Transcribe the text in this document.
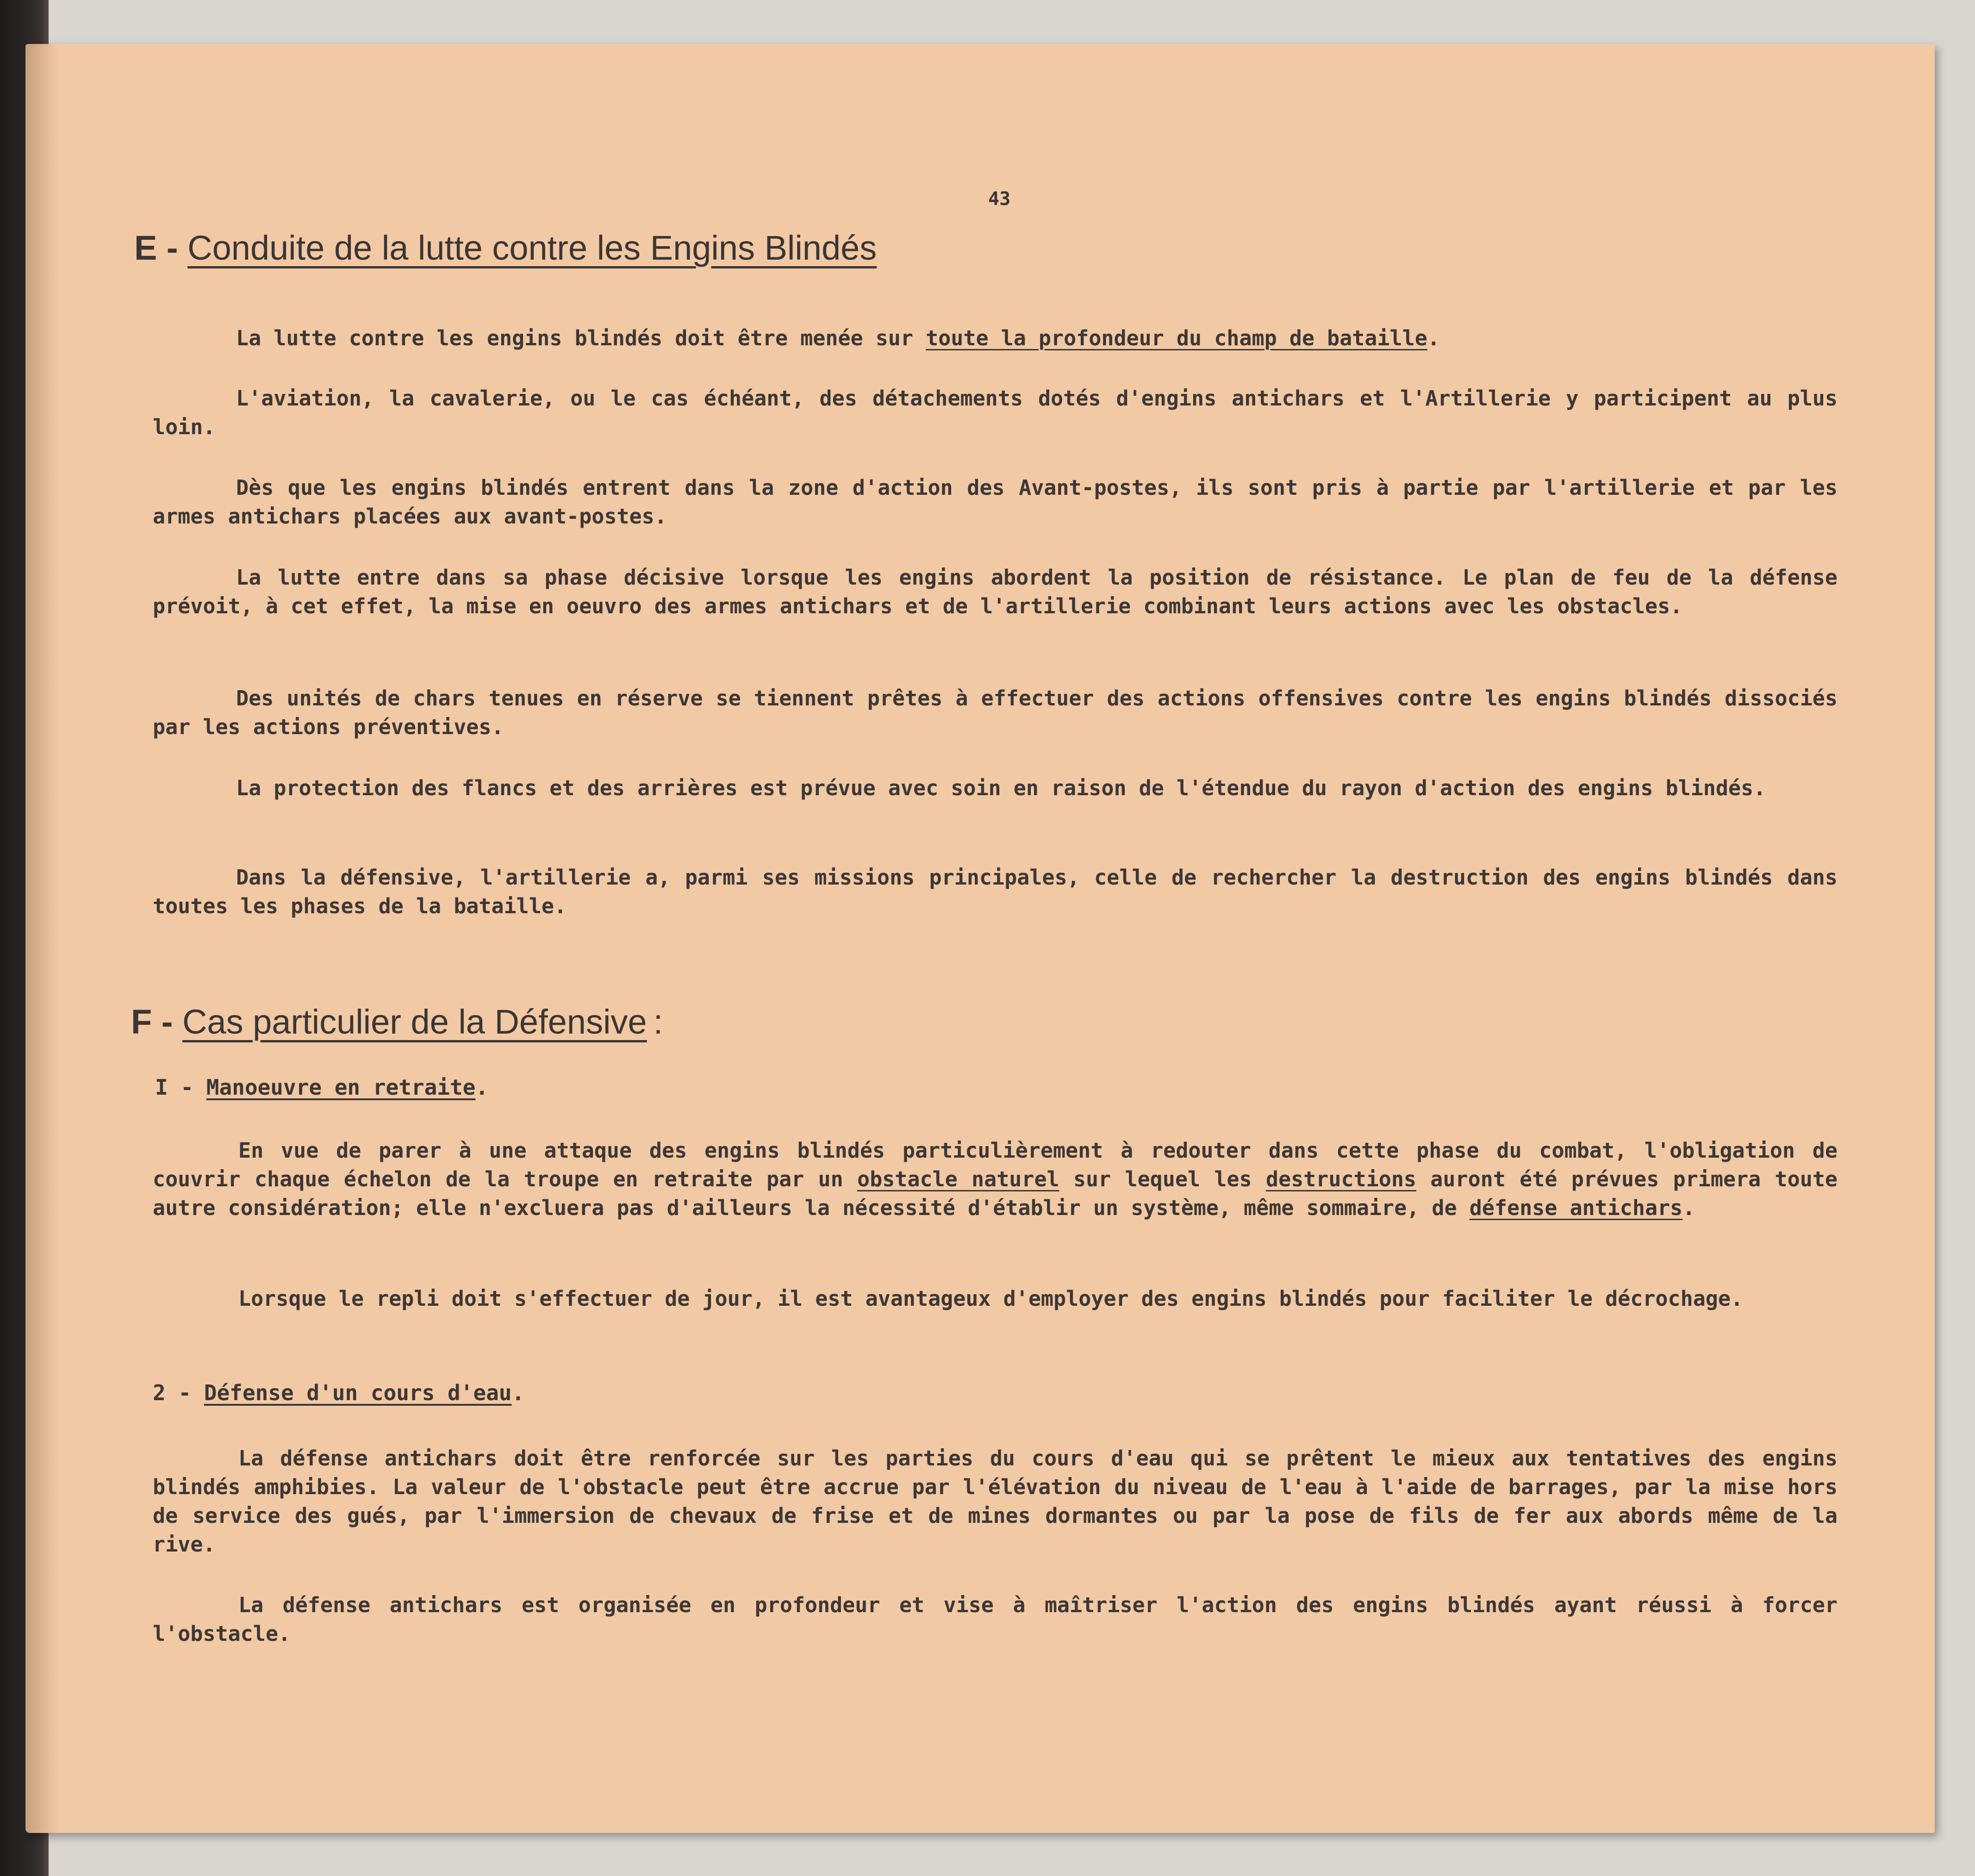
43
E - Conduite de la lutte contre les Engins Blindés
La lutte contre les engins blindés doit être menée sur toute la profondeur du champ de bataille.
L'aviation, la cavalerie, ou le cas échéant, des détachements dotés d'engins antichars et l'Artillerie y participent au plus loin.
Dès que les engins blindés entrent dans la zone d'action des Avant-postes, ils sont pris à partie par l'artillerie et par les armes antichars placées aux avant-postes.
La lutte entre dans sa phase décisive lorsque les engins abordent la position de résistance. Le plan de feu de la défense prévoit, à cet effet, la mise en oeuvro des armes antichars et de l'artillerie combinant leurs actions avec les obstacles.
Des unités de chars tenues en réserve se tiennent prêtes à effectuer des actions offensives contre les engins blindés dissociés par les actions préventives.
La protection des flancs et des arrières est prévue avec soin en raison de l'étendue du rayon d'action des engins blindés.
Dans la défensive, l'artillerie a, parmi ses missions principales, celle de rechercher la destruction des engins blindés dans toutes les phases de la bataille.
F - Cas particulier de la Défensive :
I - Manoeuvre en retraite.
En vue de parer à une attaque des engins blindés particulièrement à redouter dans cette phase du combat, l'obligation de couvrir chaque échelon de la troupe en retraite par un obstacle naturel sur lequel les destructions auront été prévues primera toute autre considération; elle n'excluera pas d'ailleurs la nécessité d'établir un système, même sommaire, de défense antichars.
Lorsque le repli doit s'effectuer de jour, il est avantageux d'employer des engins blindés pour faciliter le décrochage.
2 - Défense d'un cours d'eau.
La défense antichars doit être renforcée sur les parties du cours d'eau qui se prêtent le mieux aux tentatives des engins blindés amphibies. La valeur de l'obstacle peut être accrue par l'élévation du niveau de l'eau à l'aide de barrages, par la mise hors de service des gués, par l'immersion de chevaux de frise et de mines dormantes ou par la pose de fils de fer aux abords même de la rive.
La défense antichars est organisée en profondeur et vise à maîtriser l'action des engins blindés ayant réussi à forcer l'obstacle.
